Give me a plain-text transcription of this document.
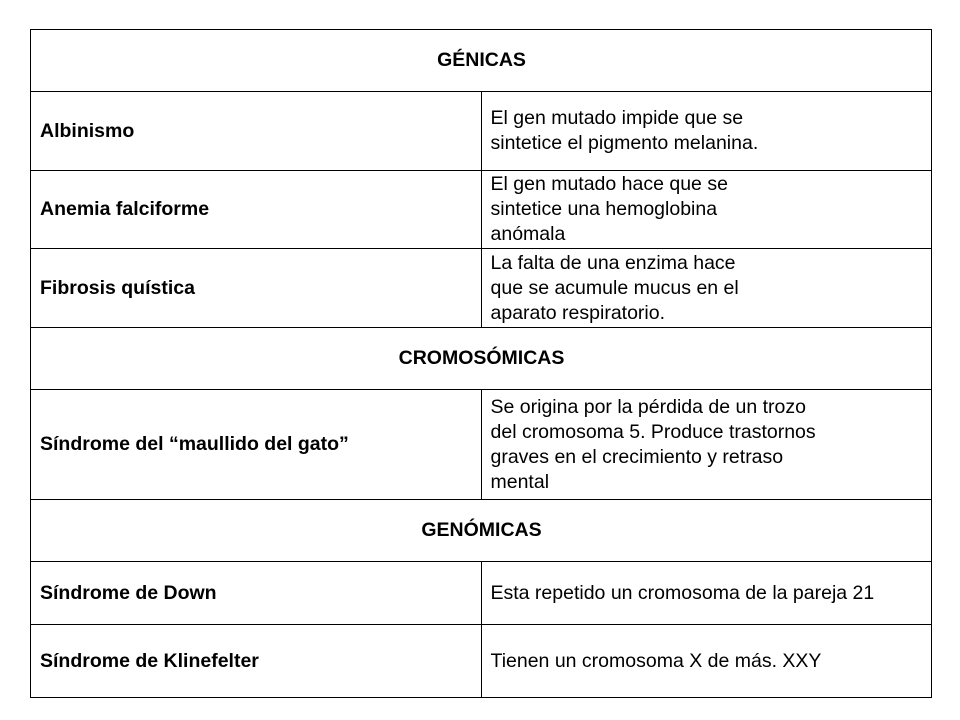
GÉNICAS	
Albinismo	El gen mutado impide que se sintetice el pigmento melanina.
Anemia falciforme	El gen mutado hace que se sintetice una hemoglobina anómala
Fibrosis quística	La falta de una enzima hace que se acumule mucus en el aparato respiratorio.
CROMOSÓMICAS	
Síndrome del “maullido del gato”	Se origina por la pérdida de un trozo del cromosoma 5. Produce trastornos graves en el crecimiento y retraso mental
GENÓMICAS	
Síndrome de Down	Esta repetido un cromosoma de la pareja 21
Síndrome de Klinefelter	Tienen un cromosoma X de más. XXY
